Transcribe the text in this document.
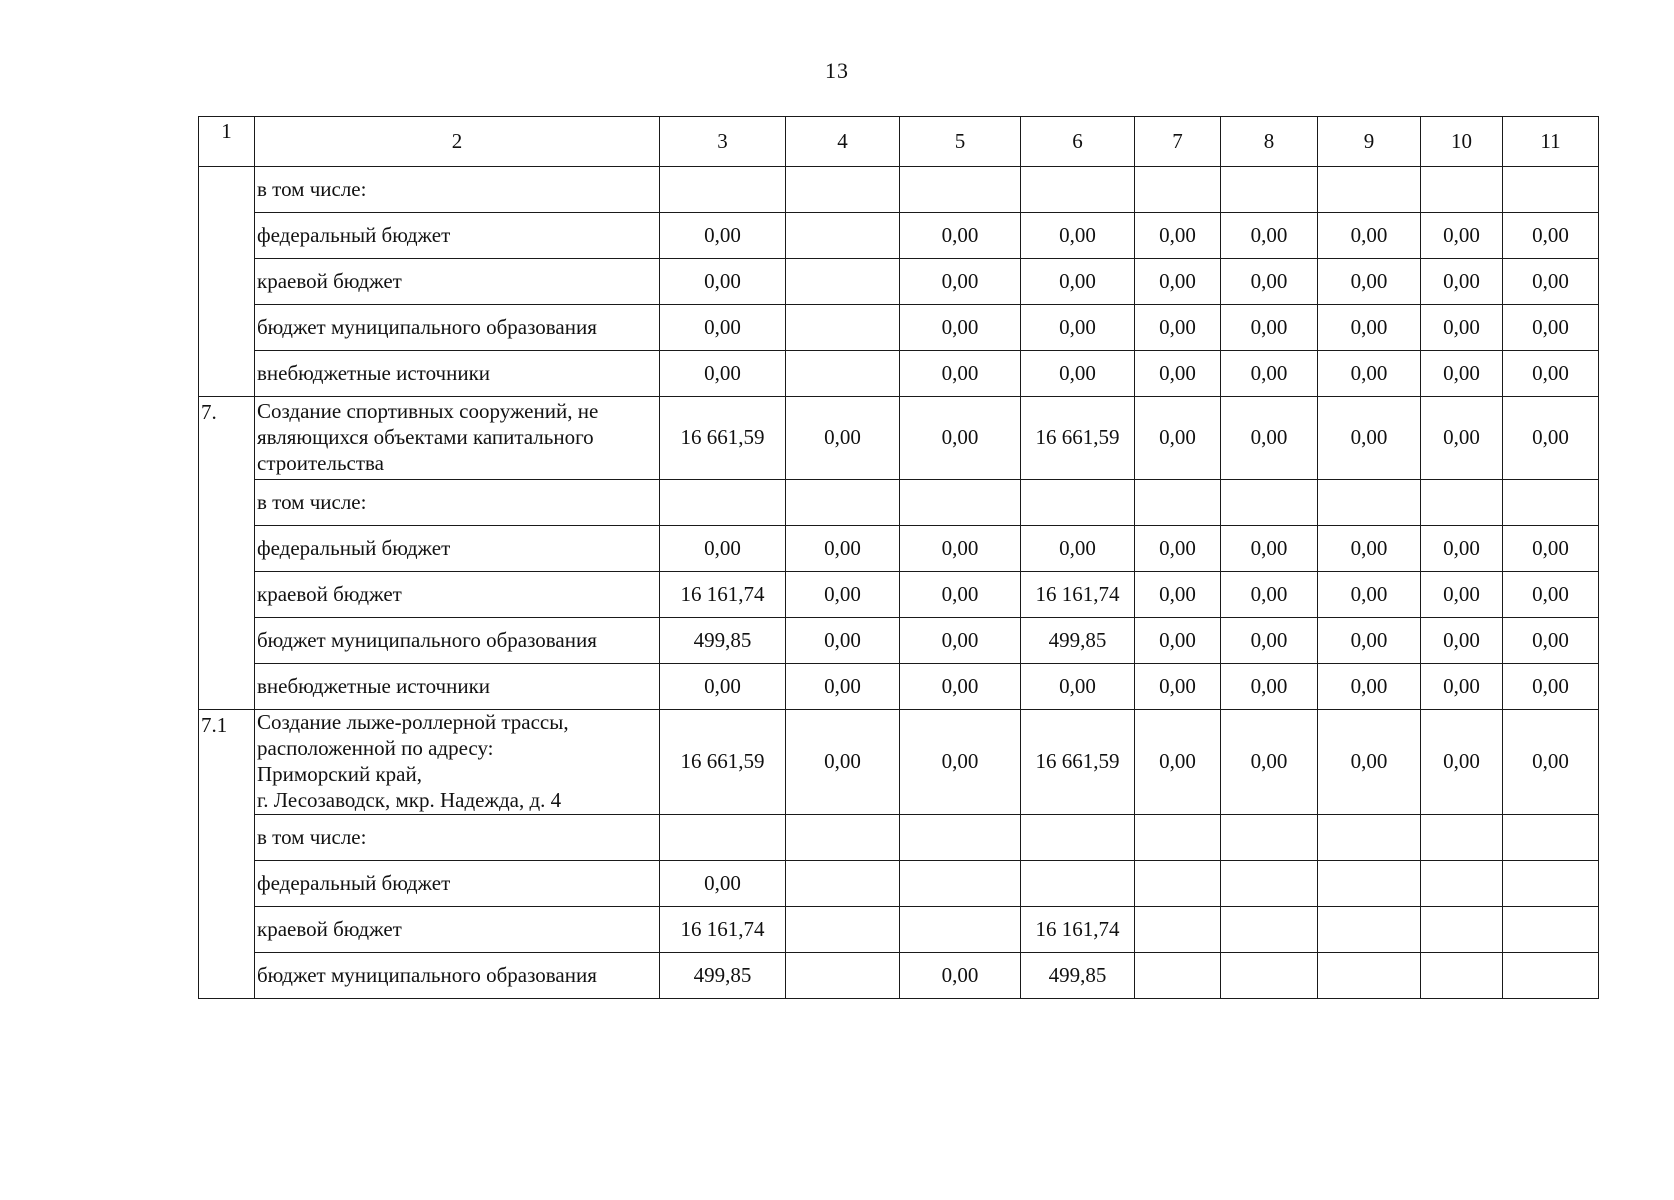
13
1	2	3	4	5	6	7	8	9	10	11
	в том числе:									
	федеральный бюджет	0,00		0,00	0,00	0,00	0,00	0,00	0,00	0,00
	краевой бюджет	0,00		0,00	0,00	0,00	0,00	0,00	0,00	0,00
	бюджет муниципального образования	0,00		0,00	0,00	0,00	0,00	0,00	0,00	0,00
	внебюджетные источники	0,00		0,00	0,00	0,00	0,00	0,00	0,00	0,00
7.	Создание спортивных сооружений, не
являющихся объектами капитального
строительства	16 661,59	0,00	0,00	16 661,59	0,00	0,00	0,00	0,00	0,00
	в том числе:									
	федеральный бюджет	0,00	0,00	0,00	0,00	0,00	0,00	0,00	0,00	0,00
	краевой бюджет	16 161,74	0,00	0,00	16 161,74	0,00	0,00	0,00	0,00	0,00
	бюджет муниципального образования	499,85	0,00	0,00	499,85	0,00	0,00	0,00	0,00	0,00
	внебюджетные источники	0,00	0,00	0,00	0,00	0,00	0,00	0,00	0,00	0,00
7.1	Создание лыже-роллерной трассы,
расположенной по адресу:
Приморский край,
г. Лесозаводск, мкр. Надежда, д. 4	16 661,59	0,00	0,00	16 661,59	0,00	0,00	0,00	0,00	0,00
	в том числе:									
	федеральный бюджет	0,00								
	краевой бюджет	16 161,74			16 161,74					
	бюджет муниципального образования	499,85		0,00	499,85					
